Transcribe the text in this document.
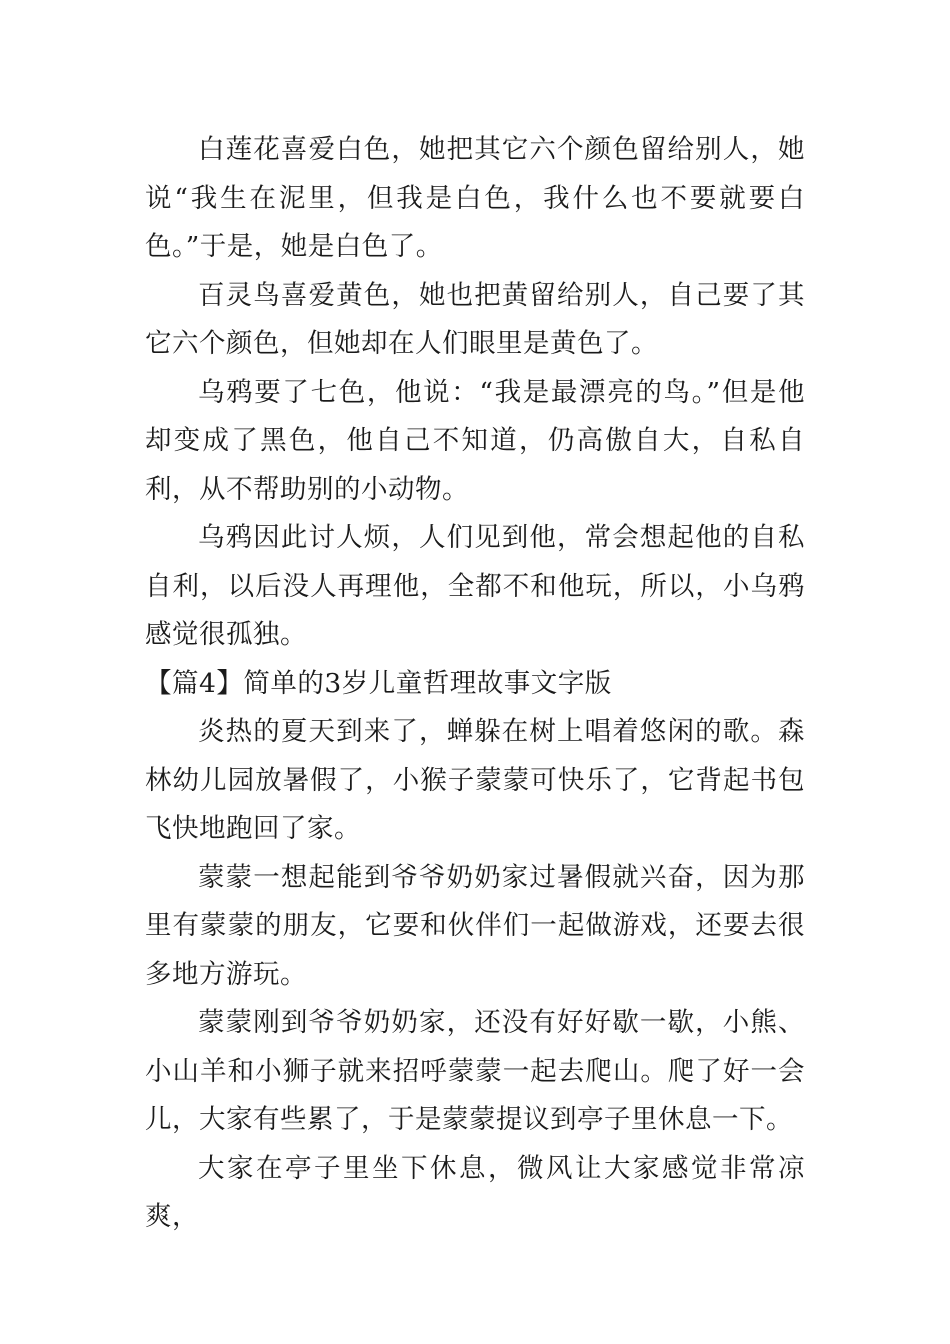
白莲花喜爱白色，她把其它六个颜色留给别人，她说“我生在泥里，但我是白色，我什么也不要就要白色。”于是，她是白色了。

百灵鸟喜爱黄色，她也把黄留给别人，自己要了其它六个颜色，但她却在人们眼里是黄色了。

乌鸦要了七色，他说：“我是最漂亮的鸟。”但是他却变成了黑色，他自己不知道，仍高傲自大，自私自利，从不帮助别的小动物。

乌鸦因此讨人烦，人们见到他，常会想起他的自私自利，以后没人再理他，全都不和他玩，所以，小乌鸦感觉很孤独。

【篇4】简单的3岁儿童哲理故事文字版

炎热的夏天到来了，蝉躲在树上唱着悠闲的歌。森林幼儿园放暑假了，小猴子蒙蒙可快乐了，它背起书包飞快地跑回了家。

蒙蒙一想起能到爷爷奶奶家过暑假就兴奋，因为那里有蒙蒙的朋友，它要和伙伴们一起做游戏，还要去很多地方游玩。

蒙蒙刚到爷爷奶奶家，还没有好好歇一歇，小熊、小山羊和小狮子就来招呼蒙蒙一起去爬山。爬了好一会儿，大家有些累了，于是蒙蒙提议到亭子里休息一下。

大家在亭子里坐下休息，微风让大家感觉非常凉爽，
